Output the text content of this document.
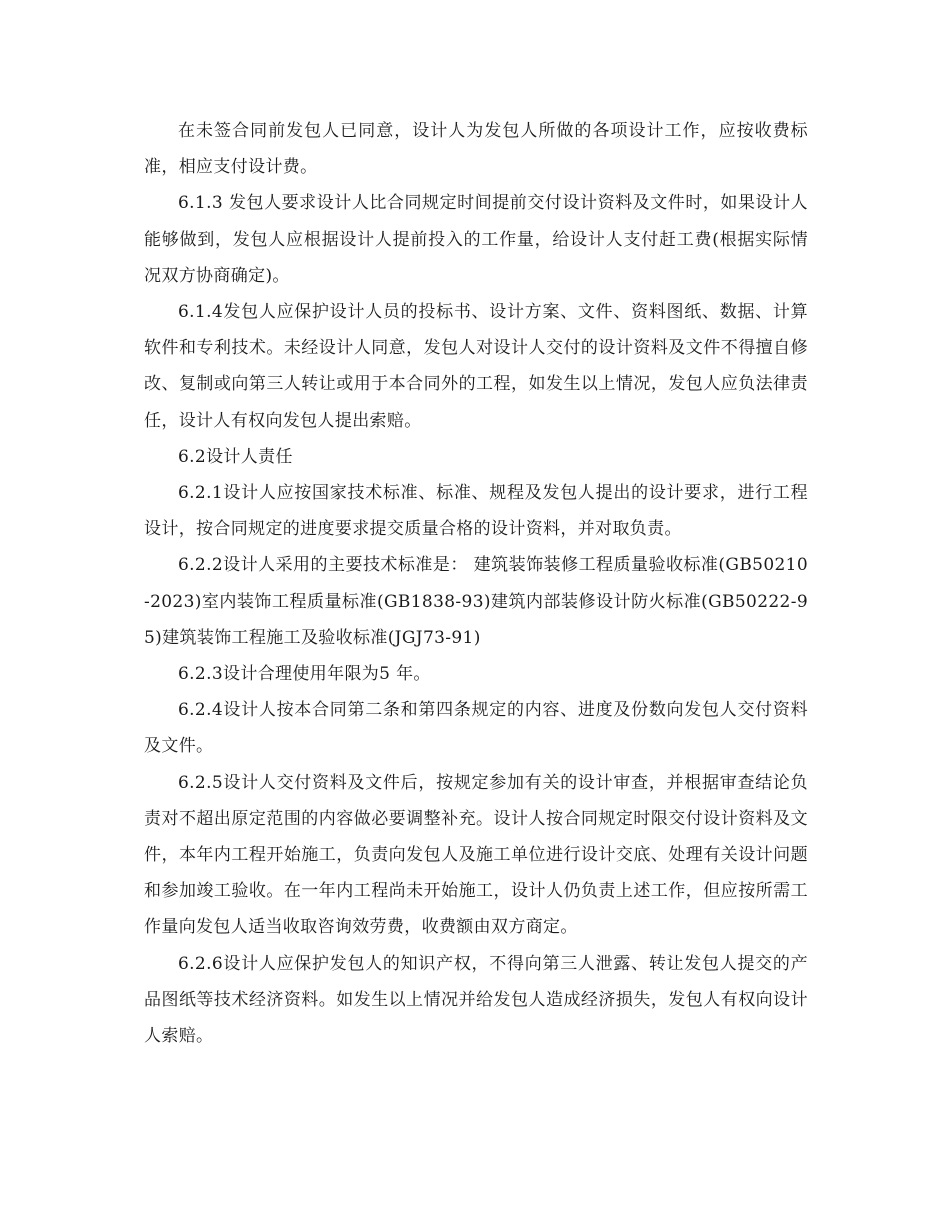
在未签合同前发包人已同意，设计人为发包人所做的各项设计工作，应按收费标准，相应支付设计费。

6.1.3 发包人要求设计人比合同规定时间提前交付设计资料及文件时，如果设计人能够做到，发包人应根据设计人提前投入的工作量，给设计人支付赶工费(根据实际情况双方协商确定)。

6.1.4发包人应保护设计人员的投标书、设计方案、文件、资料图纸、数据、计算软件和专利技术。未经设计人同意，发包人对设计人交付的设计资料及文件不得擅自修改、复制或向第三人转让或用于本合同外的工程，如发生以上情况，发包人应负法律责任，设计人有权向发包人提出索赔。

6.2设计人责任

6.2.1设计人应按国家技术标准、标准、规程及发包人提出的设计要求，进行工程设计，按合同规定的进度要求提交质量合格的设计资料，并对取负责。

6.2.2设计人采用的主要技术标准是： 建筑装饰装修工程质量验收标准(GB50210-2023)室内装饰工程质量标准(GB1838-93)建筑内部装修设计防火标准(GB50222-95)建筑装饰工程施工及验收标准(JGJ73-91)

6.2.3设计合理使用年限为5 年。

6.2.4设计人按本合同第二条和第四条规定的内容、进度及份数向发包人交付资料及文件。

6.2.5设计人交付资料及文件后，按规定参加有关的设计审查，并根据审查结论负责对不超出原定范围的内容做必要调整补充。设计人按合同规定时限交付设计资料及文件，本年内工程开始施工，负责向发包人及施工单位进行设计交底、处理有关设计问题和参加竣工验收。在一年内工程尚未开始施工，设计人仍负责上述工作，但应按所需工作量向发包人适当收取咨询效劳费，收费额由双方商定。

6.2.6设计人应保护发包人的知识产权，不得向第三人泄露、转让发包人提交的产品图纸等技术经济资料。如发生以上情况并给发包人造成经济损失，发包人有权向设计人索赔。
